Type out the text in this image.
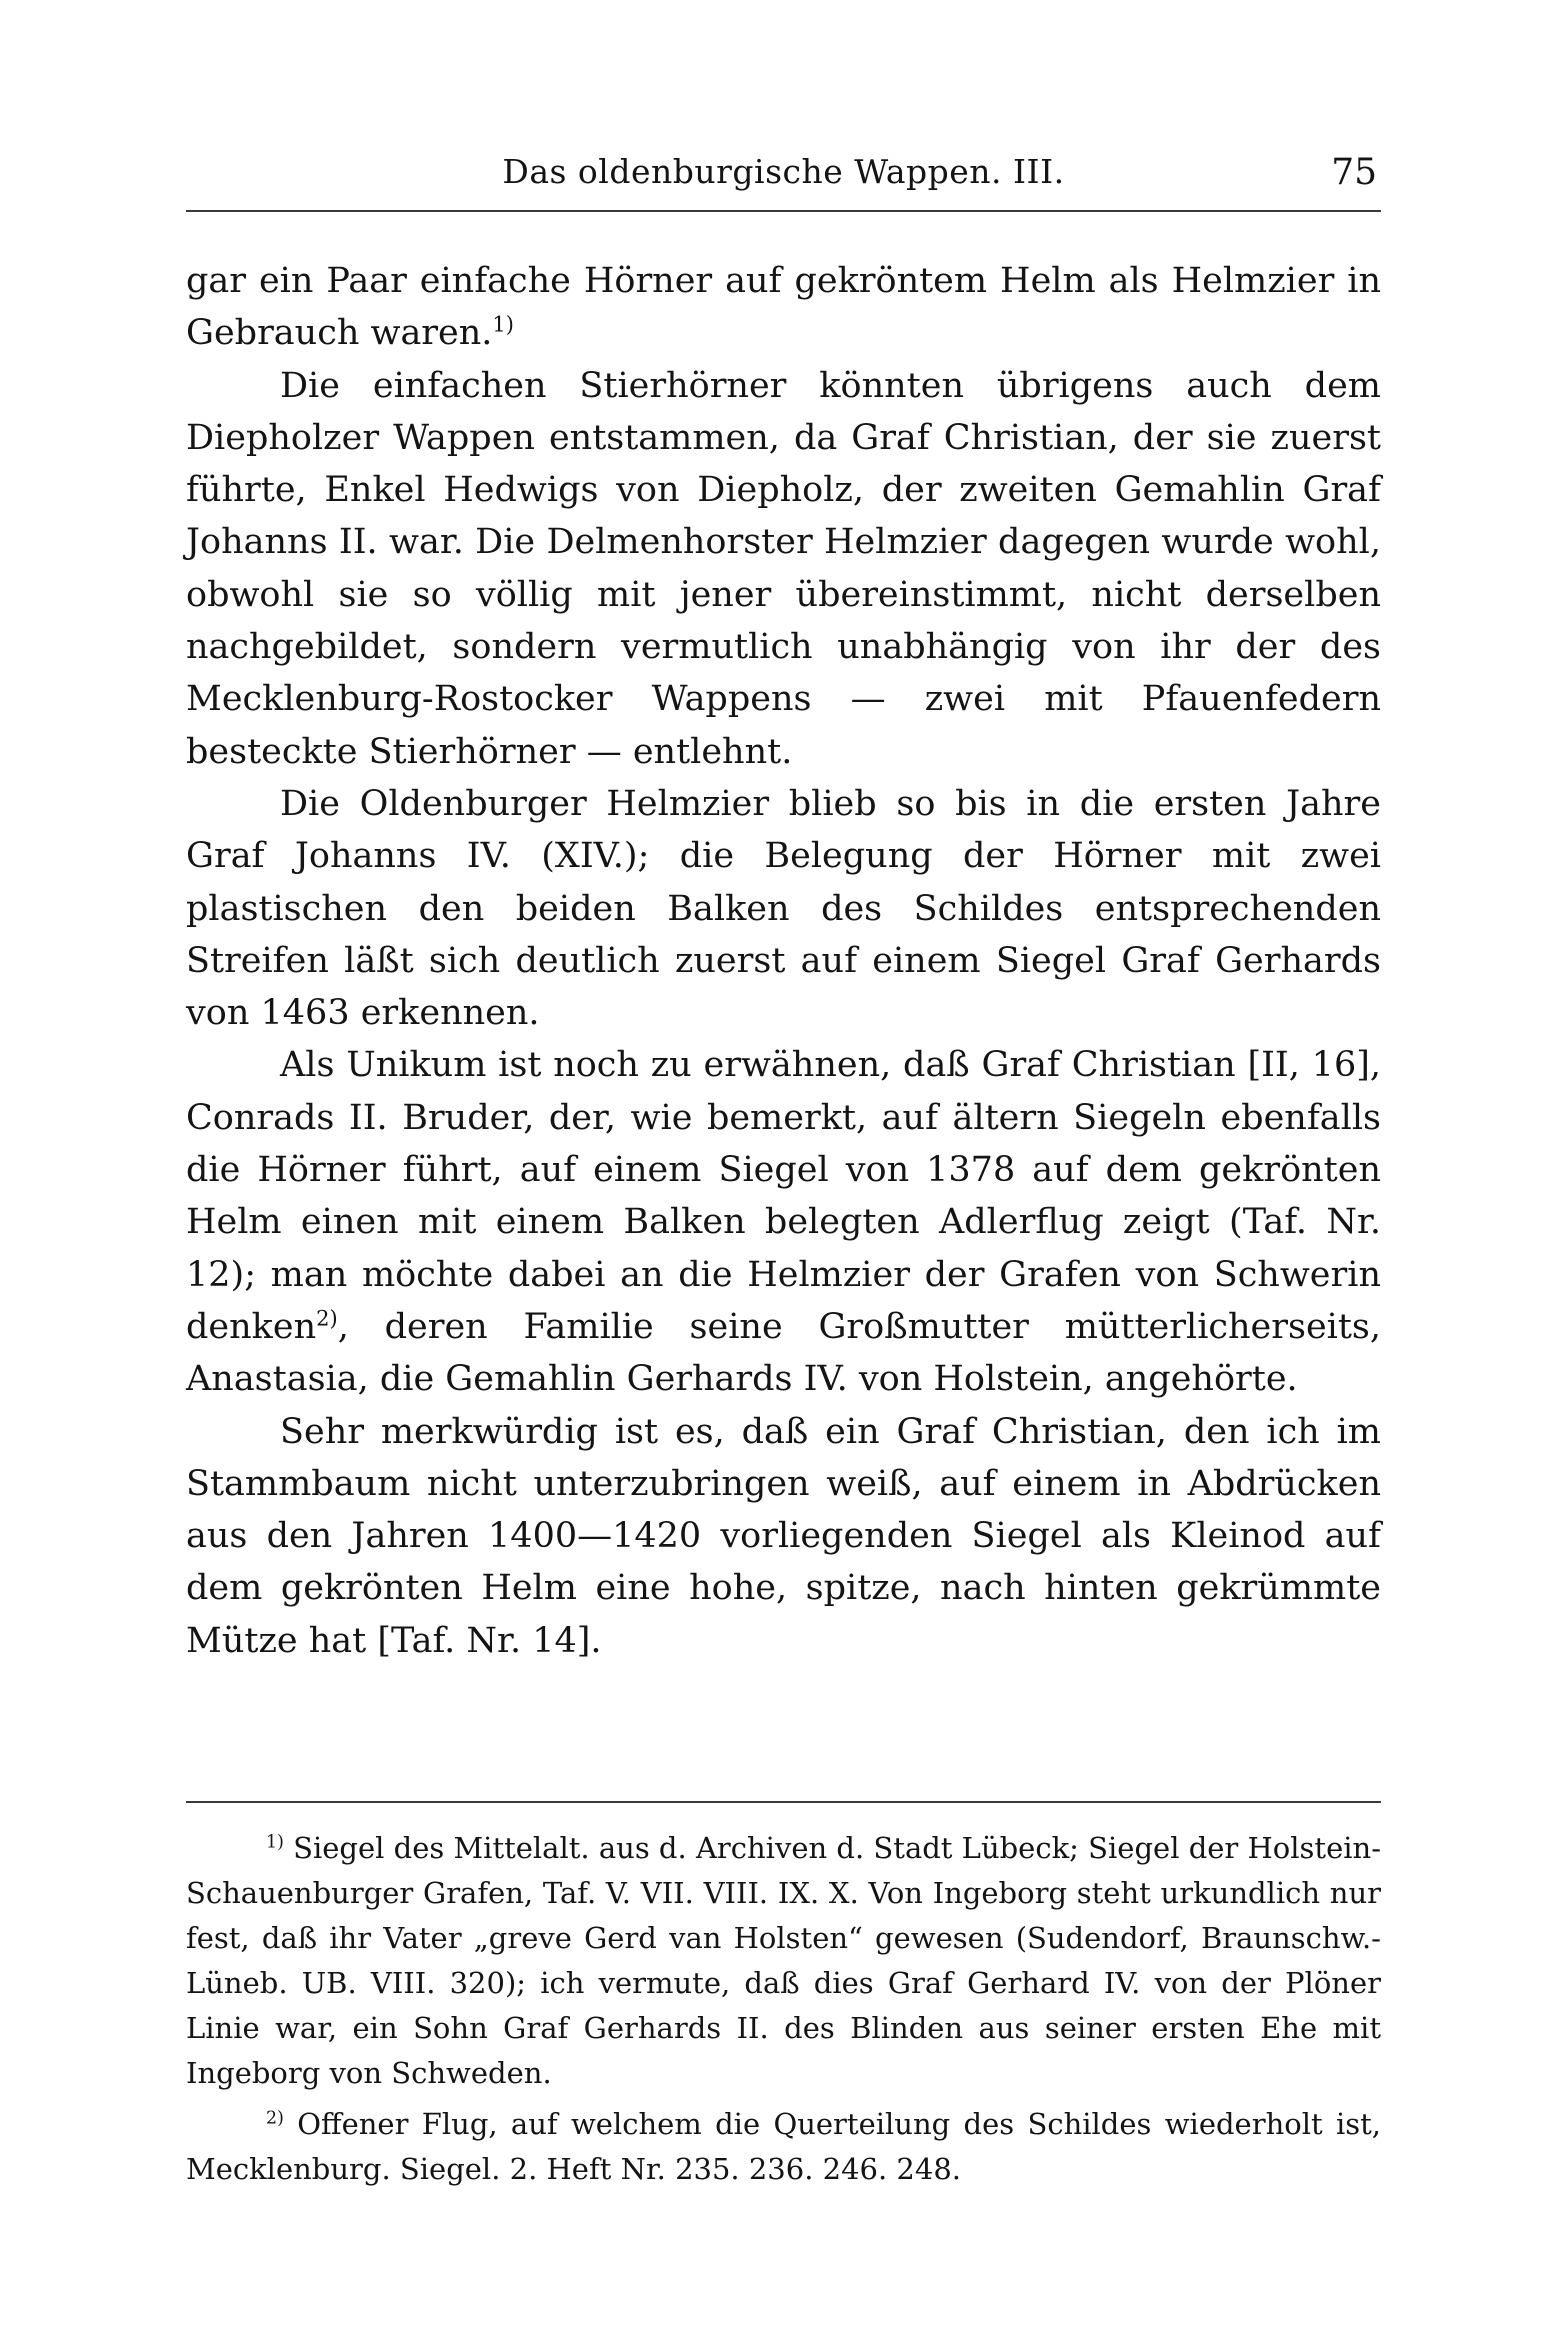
Das oldenburgische Wappen. III.	75

gar ein Paar einfache Hörner auf gekröntem Helm als Helmzier in Gebrauch waren.$^{1)}$

Die einfachen Stierhörner könnten übrigens auch dem Diepholzer Wappen entstammen, da Graf Christian, der sie zuerst führte, Enkel Hedwigs von Diepholz, der zweiten Gemahlin Graf Johanns II. war. Die Delmenhorster Helmzier dagegen wurde wohl, obwohl sie so völlig mit jener übereinstimmt, nicht derselben nachgebildet, sondern vermutlich unabhängig von ihr der des Mecklenburg-Rostocker Wappens — zwei mit Pfauenfedern besteckte Stierhörner — entlehnt.

Die Oldenburger Helmzier blieb so bis in die ersten Jahre Graf Johanns IV. (XIV.); die Belegung der Hörner mit zwei plastischen den beiden Balken des Schildes entsprechenden Streifen läßt sich deutlich zuerst auf einem Siegel Graf Gerhards von 1463 erkennen.

Als Unikum ist noch zu erwähnen, daß Graf Christian [II, 16], Conrads II. Bruder, der, wie bemerkt, auf ältern Siegeln ebenfalls die Hörner führt, auf einem Siegel von 1378 auf dem gekrönten Helm einen mit einem Balken belegten Adlerflug zeigt (Taf. Nr. 12); man möchte dabei an die Helmzier der Grafen von Schwerin denken$^{2)}$, deren Familie seine Großmutter mütterlicherseits, Anastasia, die Gemahlin Gerhards IV. von Holstein, angehörte.

Sehr merkwürdig ist es, daß ein Graf Christian, den ich im Stammbaum nicht unterzubringen weiß, auf einem in Abdrücken aus den Jahren 1400—1420 vorliegenden Siegel als Kleinod auf dem gekrönten Helm eine hohe, spitze, nach hinten gekrümmte Mütze hat [Taf. Nr. 14].

$^{1)}$ Siegel des Mittelalt. aus d. Archiven d. Stadt Lübeck; Siegel der Holstein-Schauenburger Grafen, Taf. V. VII. VIII. IX. X. Von Ingeborg steht urkundlich nur fest, daß ihr Vater „greve Gerd van Holsten“ gewesen (Sudendorf, Braunschw.-Lüneb. UB. VIII. 320); ich vermute, daß dies Graf Gerhard IV. von der Plöner Linie war, ein Sohn Graf Gerhards II. des Blinden aus seiner ersten Ehe mit Ingeborg von Schweden.

$^{2)}$ Offener Flug, auf welchem die Querteilung des Schildes wiederholt ist, Mecklenburg. Siegel. 2. Heft Nr. 235. 236. 246. 248.
